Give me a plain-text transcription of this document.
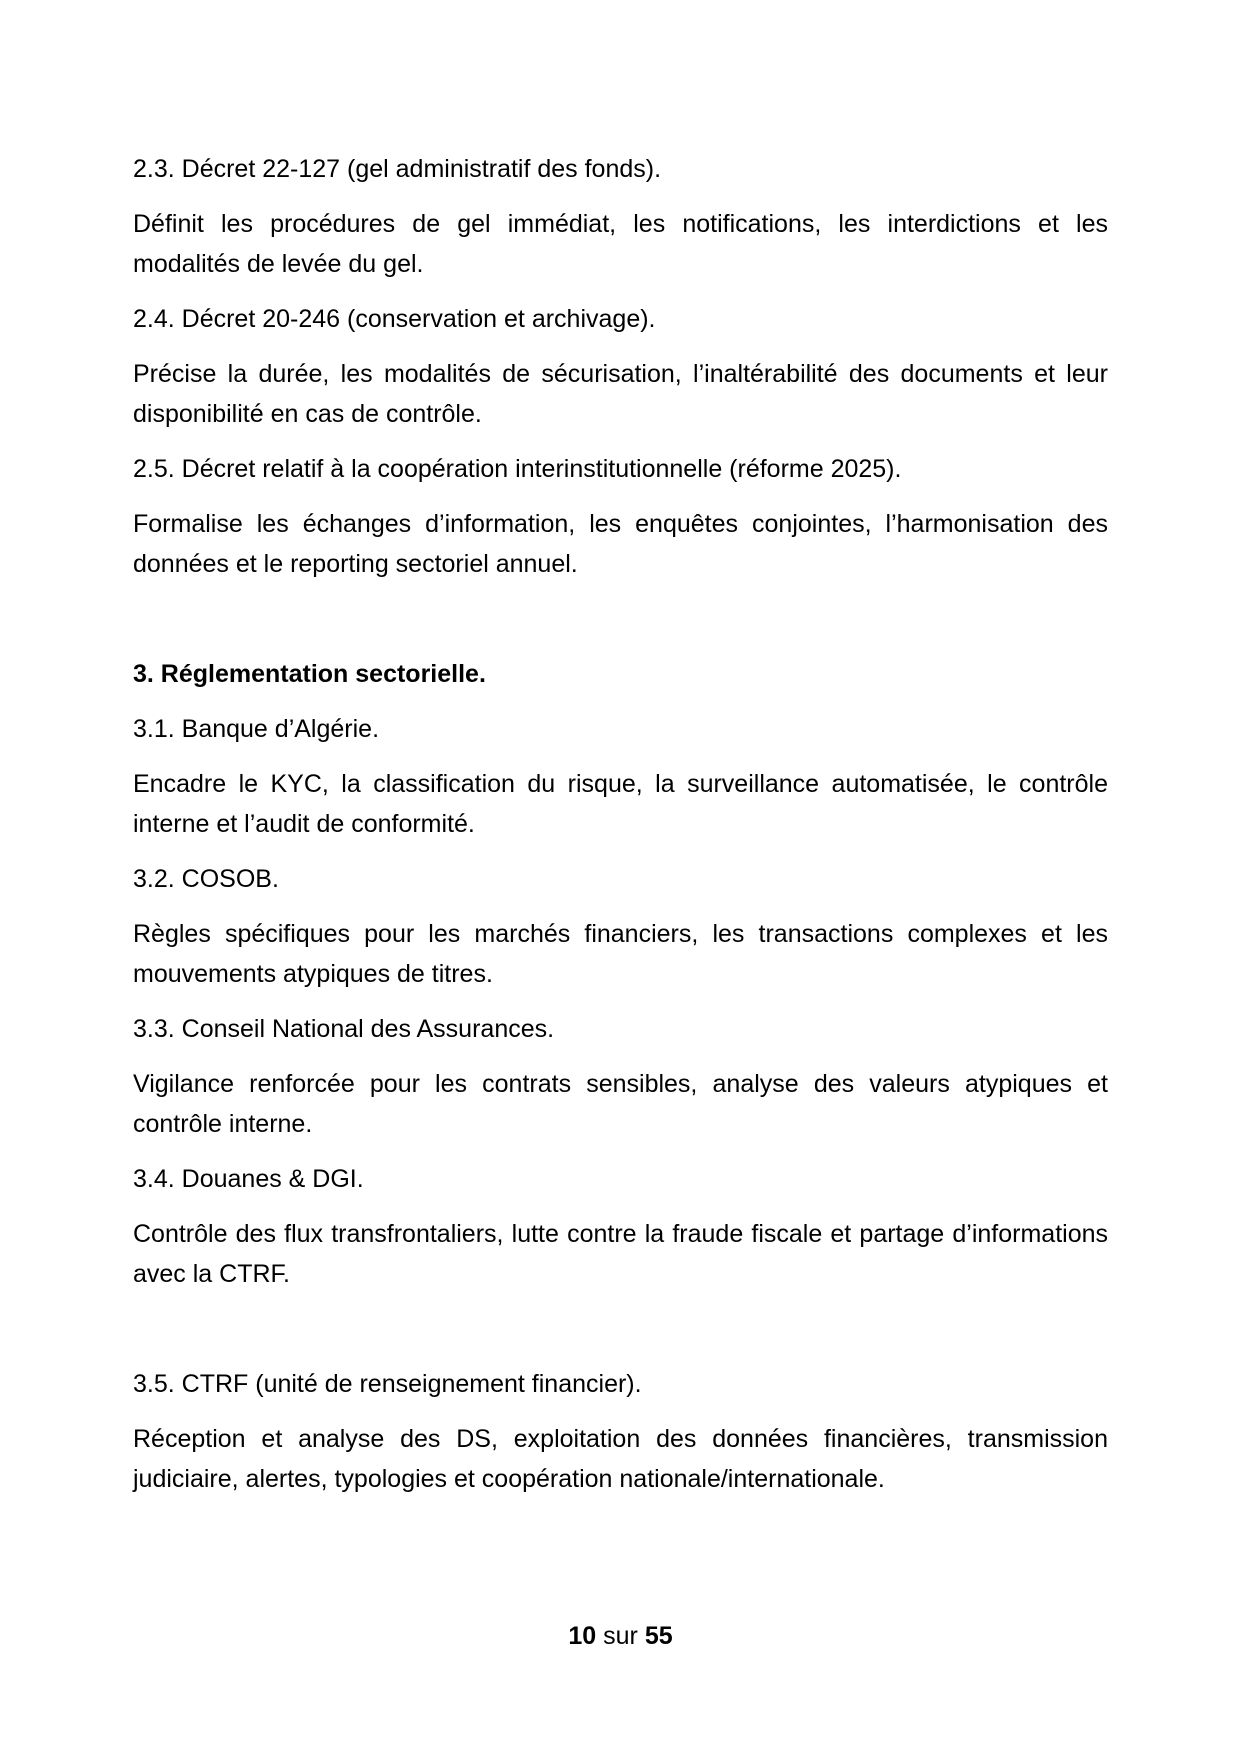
2.3. Décret 22-127 (gel administratif des fonds).
Définit les procédures de gel immédiat, les notifications, les interdictions et les modalités de levée du gel.
2.4. Décret 20-246 (conservation et archivage).
Précise la durée, les modalités de sécurisation, l’inaltérabilité des documents et leur disponibilité en cas de contrôle.
2.5. Décret relatif à la coopération interinstitutionnelle (réforme 2025).
Formalise les échanges d’information, les enquêtes conjointes, l’harmonisation des données et le reporting sectoriel annuel.
3. Réglementation sectorielle.
3.1. Banque d’Algérie.
Encadre le KYC, la classification du risque, la surveillance automatisée, le contrôle interne et l’audit de conformité.
3.2. COSOB.
Règles spécifiques pour les marchés financiers, les transactions complexes et les mouvements atypiques de titres.
3.3. Conseil National des Assurances.
Vigilance renforcée pour les contrats sensibles, analyse des valeurs atypiques et contrôle interne.
3.4. Douanes & DGI.
Contrôle des flux transfrontaliers, lutte contre la fraude fiscale et partage d’informations avec la CTRF.
3.5. CTRF (unité de renseignement financier).
Réception et analyse des DS, exploitation des données financières, transmission judiciaire, alertes, typologies et coopération nationale/internationale.
10 sur 55
